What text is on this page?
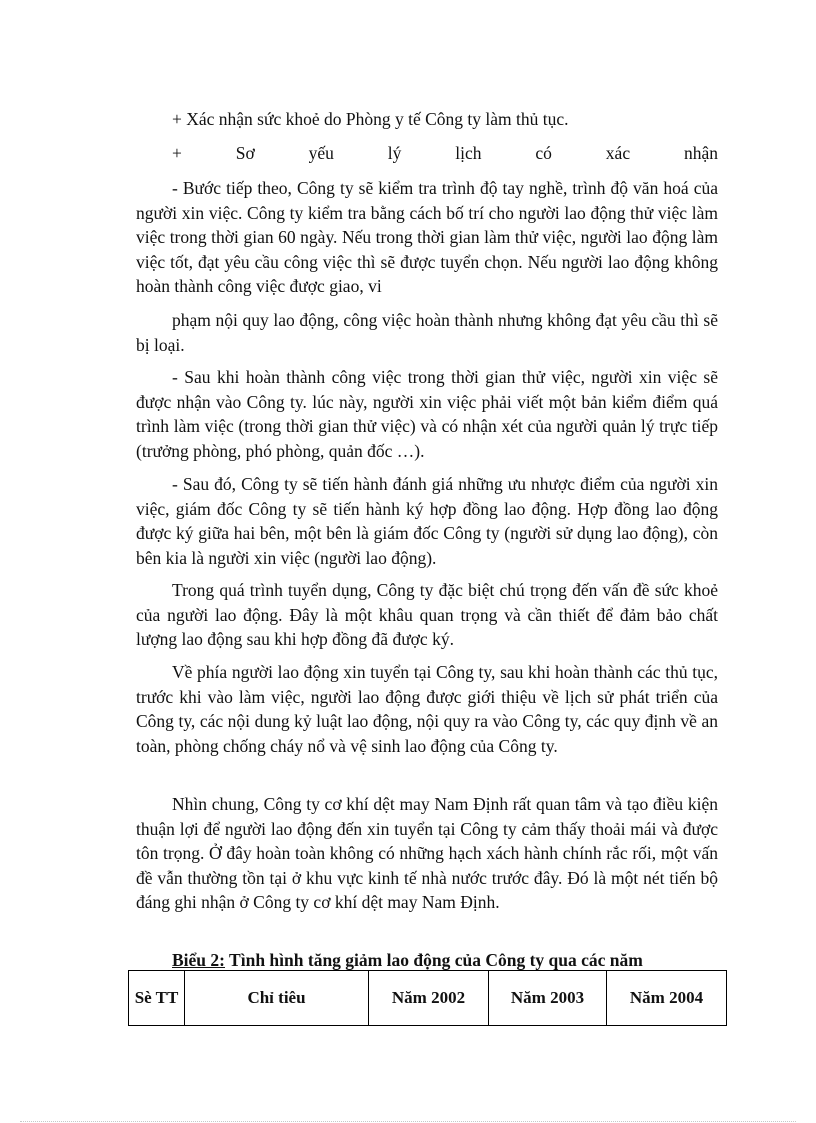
+ Xác nhận sức khoẻ do Phòng y tế Công ty làm thủ tục.

+ Sơ yếu lý lịch có xác nhận

- Bước tiếp theo, Công ty sẽ kiểm tra trình độ tay nghề, trình độ văn hoá của người xin việc. Công ty kiểm tra bằng cách bố trí cho người lao động thử việc làm việc trong thời gian 60 ngày. Nếu trong thời gian làm thử việc, người lao động làm việc tốt, đạt yêu cầu công việc thì sẽ được tuyển chọn. Nếu người lao động không hoàn thành công việc được giao, vi

phạm nội quy lao động, công việc hoàn thành nhưng không đạt yêu cầu thì sẽ bị loại.

- Sau khi hoàn thành công việc trong thời gian thử việc, người xin việc sẽ được nhận vào Công ty. lúc này, người xin việc phải viết một bản kiểm điểm quá trình làm việc (trong thời gian thử việc) và có nhận xét của người quản lý trực tiếp (trưởng phòng, phó phòng, quản đốc …).

- Sau đó, Công ty sẽ tiến hành đánh giá những ưu nhược điểm của người xin việc, giám đốc Công ty sẽ tiến hành ký hợp đồng lao động. Hợp đồng lao động được ký giữa hai bên, một bên là giám đốc Công ty (người sử dụng lao động), còn bên kia là người xin việc (người lao động).

Trong quá trình tuyển dụng, Công ty đặc biệt chú trọng đến vấn đề sức khoẻ của người lao động. Đây là một khâu quan trọng và cần thiết để đảm bảo chất lượng lao động sau khi hợp đồng đã được ký.

Về phía người lao động xin tuyển tại Công ty, sau khi hoàn thành các thủ tục, trước khi vào làm việc, người lao động được giới thiệu về lịch sử phát triển của Công ty, các nội dung kỷ luật lao động, nội quy ra vào Công ty, các quy định về an toàn, phòng chống cháy nổ và vệ sinh lao động của Công ty.

Nhìn chung, Công ty cơ khí dệt may Nam Định rất quan tâm và tạo điều kiện thuận lợi để người lao động đến xin tuyển tại Công ty cảm thấy thoải mái và được tôn trọng. Ở đây hoàn toàn không có những hạch xách hành chính rắc rối, một vấn đề vẫn thường tồn tại ở khu vực kinh tế nhà nước trước đây. Đó là một nét tiến bộ đáng ghi nhận ở Công ty cơ khí dệt may Nam Định.

Biểu 2: Tình hình tăng giảm lao động của Công ty qua các năm
Sè TT	Chỉ tiêu	Năm 2002	Năm 2003	Năm 2004
